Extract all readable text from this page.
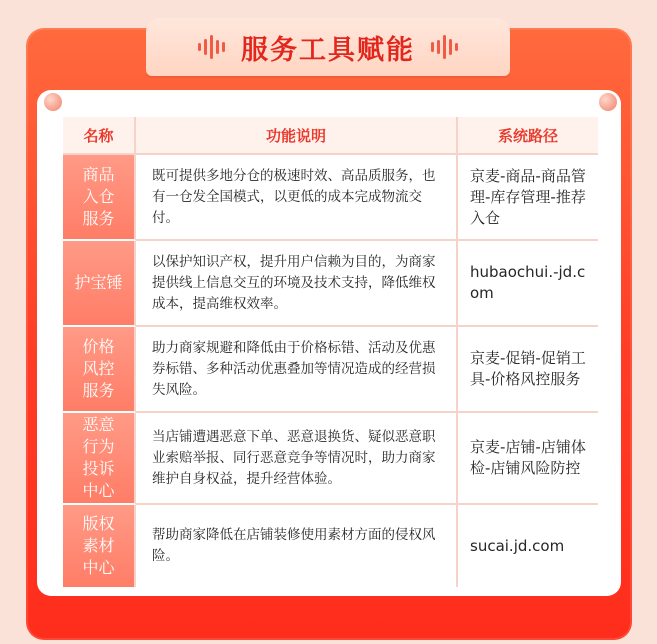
服务工具赋能
名称	功能说明	系统路径
商品入仓服务	既可提供多地分仓的极速时效、高品质服务，也有一仓发全国模式，以更低的成本完成物流交付。	京麦-商品-商品管理-库存管理-推荐入仓
护宝锤	以保护知识产权，提升用户信赖为目的，为商家提供线上信息交互的环境及技术支持，降低维权成本，提高维权效率。	hubaochui.-jd.com
价格风控服务	助力商家规避和降低由于价格标错、活动及优惠券标错、多种活动优惠叠加等情况造成的经营损失风险。	京麦-促销-促销工具-价格风控服务
恶意行为投诉中心	当店铺遭遇恶意下单、恶意退换货、疑似恶意职业索赔举报、同行恶意竞争等情况时，助力商家维护自身权益，提升经营体验。	京麦-店铺-店铺体检-店铺风险防控
版权素材中心	帮助商家降低在店铺装修使用素材方面的侵权风险。	sucai.jd.com
